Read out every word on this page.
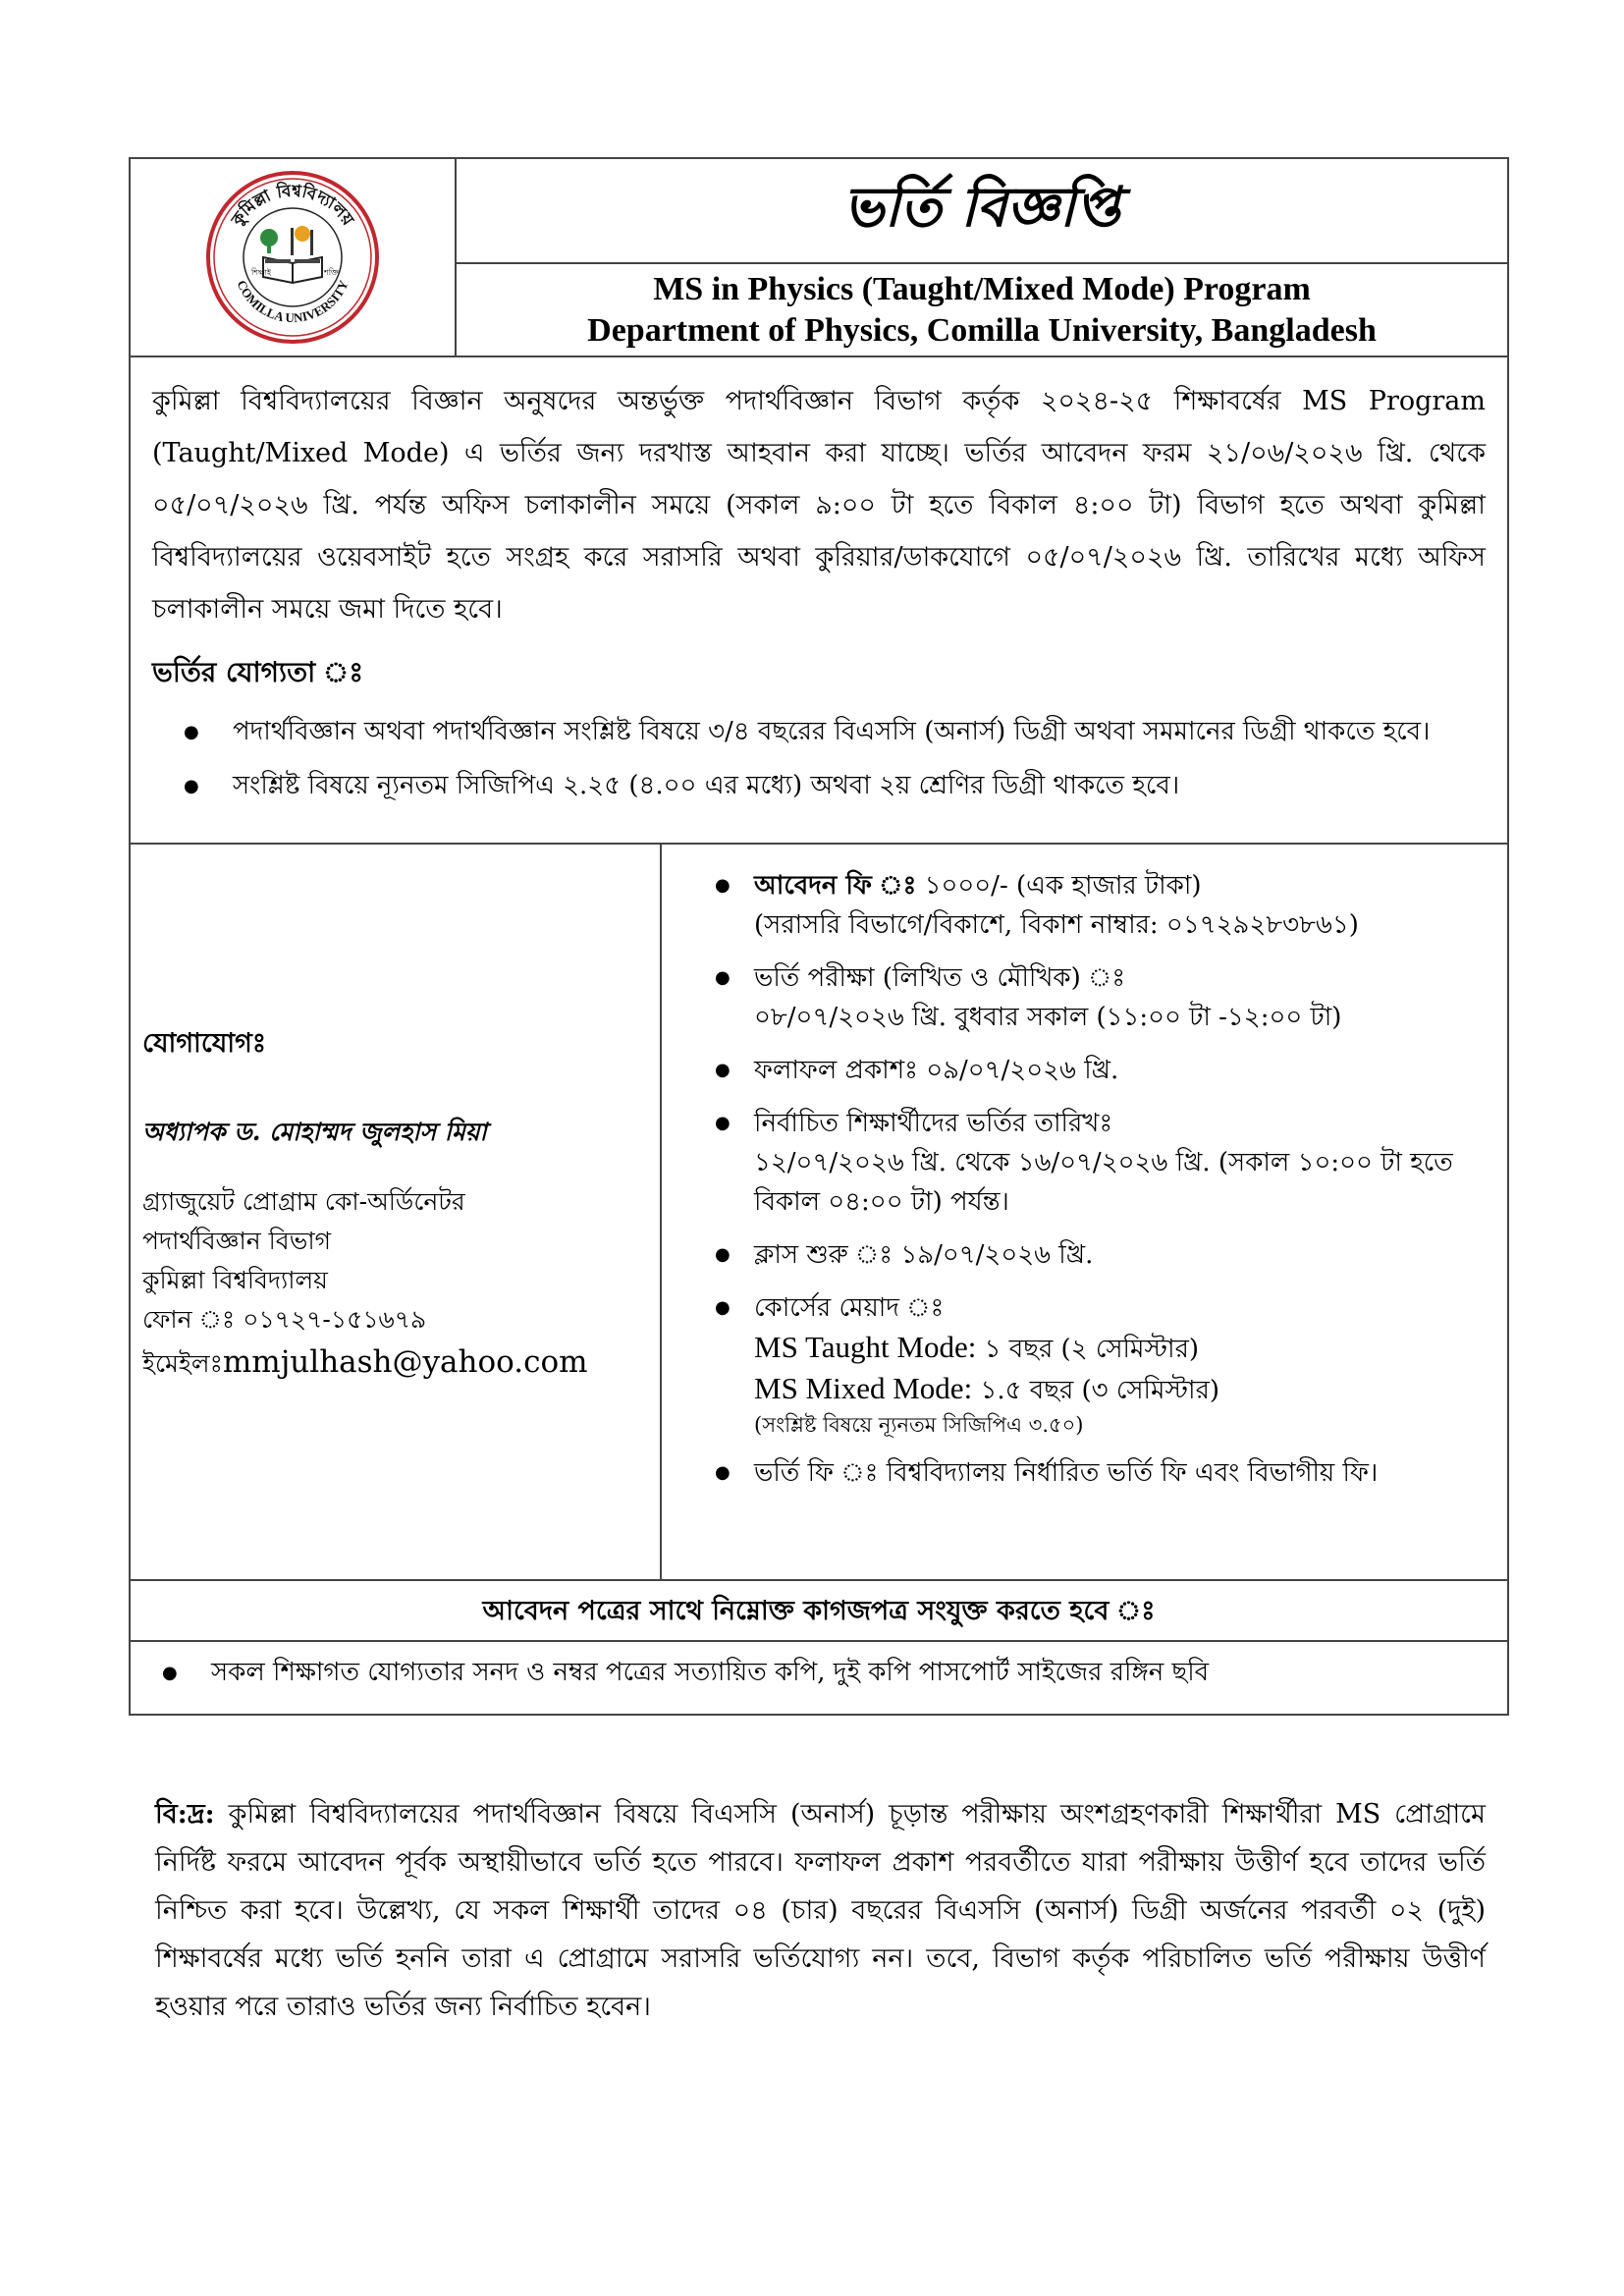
কুমিল্লা বিশ্ববিদ্যালয়
COMILLA UNIVERSITY
শিক্ষাই	শক্তি
ভর্তি বিজ্ঞপ্তি
MS in Physics (Taught/Mixed Mode) Program
Department of Physics, Comilla University, Bangladesh

কুমিল্লা বিশ্ববিদ্যালয়ের বিজ্ঞান অনুষদের অন্তর্ভুক্ত পদার্থবিজ্ঞান বিভাগ কর্তৃক ২০২৪-২৫ শিক্ষাবর্ষের MS Program (Taught/Mixed Mode) এ ভর্তির জন্য দরখাস্ত আহবান করা যাচ্ছে। ভর্তির আবেদন ফরম ২১/০৬/২০২৬ খ্রি. থেকে ০৫/০৭/২০২৬ খ্রি. পর্যন্ত অফিস চলাকালীন সময়ে (সকাল ৯:০০ টা হতে বিকাল ৪:০০ টা) বিভাগ হতে অথবা কুমিল্লা বিশ্ববিদ্যালয়ের ওয়েবসাইট হতে সংগ্রহ করে সরাসরি অথবা কুরিয়ার/ডাকযোগে ০৫/০৭/২০২৬ খ্রি. তারিখের মধ্যে অফিস চলাকালীন সময়ে জমা দিতে হবে।

ভর্তির যোগ্যতা ঃ
● পদার্থবিজ্ঞান অথবা পদার্থবিজ্ঞান সংশ্লিষ্ট বিষয়ে ৩/৪ বছরের বিএসসি (অনার্স) ডিগ্রী অথবা সমমানের ডিগ্রী থাকতে হবে।
● সংশ্লিষ্ট বিষয়ে ন্যূনতম সিজিপিএ ২.২৫ (৪.০০ এর মধ্যে) অথবা ২য় শ্রেণির ডিগ্রী থাকতে হবে।
যোগাযোগঃ
অধ্যাপক ড. মোহাম্মদ জুলহাস মিয়া
গ্র্যাজুয়েট প্রোগ্রাম কো-অর্ডিনেটর
পদার্থবিজ্ঞান বিভাগ
কুমিল্লা বিশ্ববিদ্যালয়
ফোন ঃ ০১৭২৭-১৫১৬৭৯
ইমেইলঃmmjulhash@yahoo.com
● আবেদন ফি ঃ ১০০০/- (এক হাজার টাকা)
(সরাসরি বিভাগে/বিকাশে, বিকাশ নাম্বার: ০১৭২৯২৮৩৮৬১)
● ভর্তি পরীক্ষা (লিখিত ও মৌখিক) ঃ
০৮/০৭/২০২৬ খ্রি. বুধবার সকাল (১১:০০ টা -১২:০০ টা)
● ফলাফল প্রকাশঃ ০৯/০৭/২০২৬ খ্রি.
● নির্বাচিত শিক্ষার্থীদের ভর্তির তারিখঃ
১২/০৭/২০২৬ খ্রি. থেকে ১৬/০৭/২০২৬ খ্রি. (সকাল ১০:০০ টা হতে বিকাল ০৪:০০ টা) পর্যন্ত।
● ক্লাস শুরু ঃ ১৯/০৭/২০২৬ খ্রি.
● কোর্সের মেয়াদ ঃ
MS Taught Mode: ১ বছর (২ সেমিস্টার)
MS Mixed Mode: ১.৫ বছর (৩ সেমিস্টার)
(সংশ্লিষ্ট বিষয়ে ন্যূনতম সিজিপিএ ৩.৫০)
● ভর্তি ফি ঃ বিশ্ববিদ্যালয় নির্ধারিত ভর্তি ফি এবং বিভাগীয় ফি।
আবেদন পত্রের সাথে নিম্নোক্ত কাগজপত্র সংযুক্ত করতে হবে ঃ
● সকল শিক্ষাগত যোগ্যতার সনদ ও নম্বর পত্রের সত্যায়িত কপি, দুই কপি পাসপোর্ট সাইজের রঙ্গিন ছবি
বি:দ্র: কুমিল্লা বিশ্ববিদ্যালয়ের পদার্থবিজ্ঞান বিষয়ে বিএসসি (অনার্স) চূড়ান্ত পরীক্ষায় অংশগ্রহণকারী শিক্ষার্থীরা MS প্রোগ্রামে নির্দিষ্ট ফরমে আবেদন পূর্বক অস্থায়ীভাবে ভর্তি হতে পারবে। ফলাফল প্রকাশ পরবর্তীতে যারা পরীক্ষায় উত্তীর্ণ হবে তাদের ভর্তি নিশ্চিত করা হবে। উল্লেখ্য, যে সকল শিক্ষার্থী তাদের ০৪ (চার) বছরের বিএসসি (অনার্স) ডিগ্রী অর্জনের পরবর্তী ০২ (দুই) শিক্ষাবর্ষের মধ্যে ভর্তি হননি তারা এ প্রোগ্রামে সরাসরি ভর্তিযোগ্য নন। তবে, বিভাগ কর্তৃক পরিচালিত ভর্তি পরীক্ষায় উত্তীর্ণ হওয়ার পরে তারাও ভর্তির জন্য নির্বাচিত হবেন।
